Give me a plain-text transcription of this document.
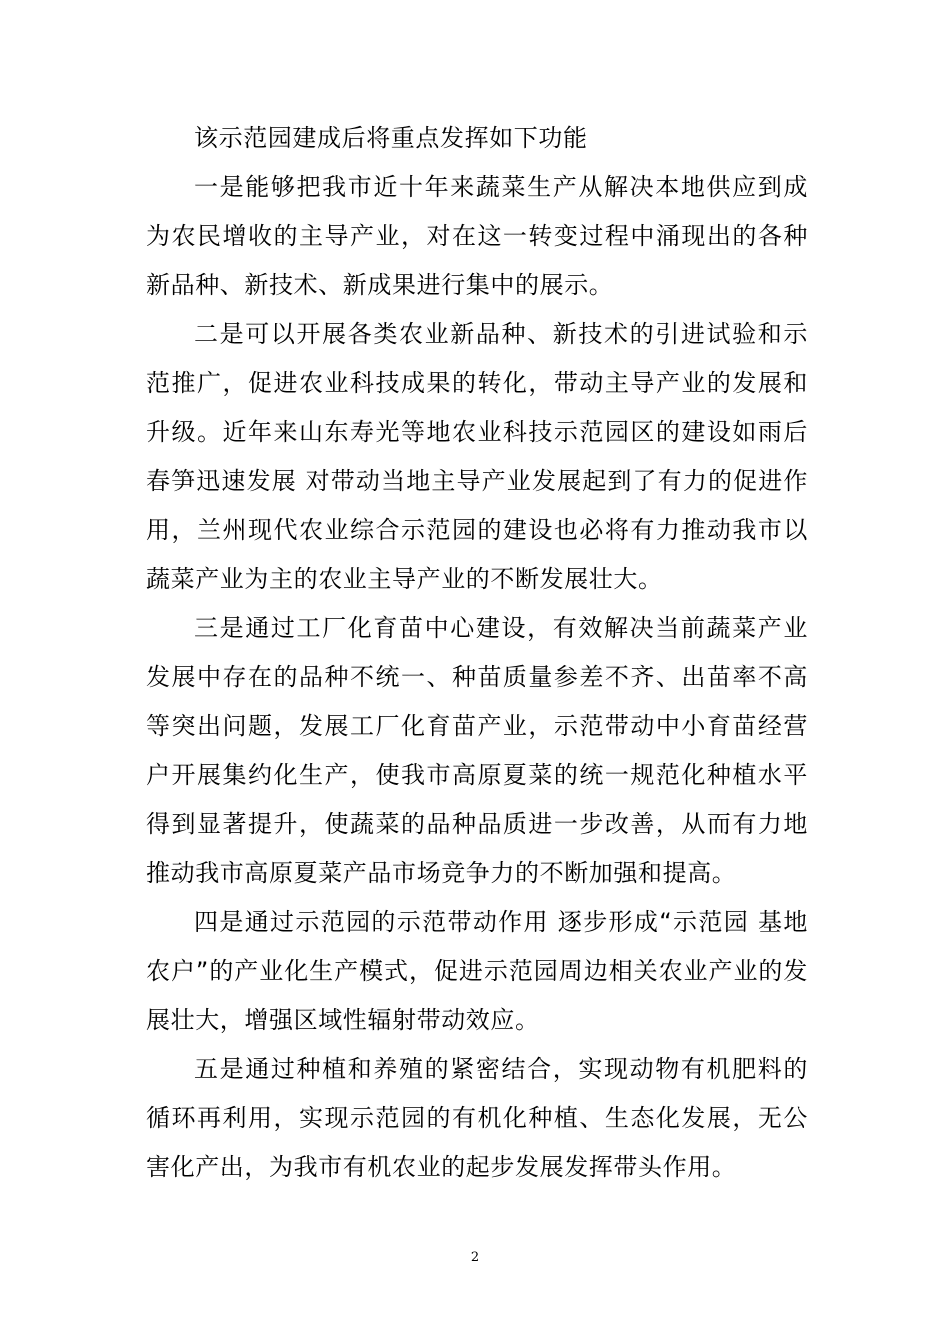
该示范园建成后将重点发挥如下功能

一是能够把我市近十年来蔬菜生产从解决本地供应到成为农民增收的主导产业，对在这一转变过程中涌现出的各种新品种、新技术、新成果进行集中的展示。

二是可以开展各类农业新品种、新技术的引进试验和示范推广，促进农业科技成果的转化，带动主导产业的发展和升级。近年来山东寿光等地农业科技示范园区的建设如雨后春笋迅速发展 对带动当地主导产业发展起到了有力的促进作用，兰州现代农业综合示范园的建设也必将有力推动我市以蔬菜产业为主的农业主导产业的不断发展壮大。

三是通过工厂化育苗中心建设，有效解决当前蔬菜产业发展中存在的品种不统一、种苗质量参差不齐、出苗率不高等突出问题，发展工厂化育苗产业，示范带动中小育苗经营户开展集约化生产，使我市高原夏菜的统一规范化种植水平得到显著提升，使蔬菜的品种品质进一步改善，从而有力地推动我市高原夏菜产品市场竞争力的不断加强和提高。

四是通过示范园的示范带动作用 逐步形成“示范园 基地 农户”的产业化生产模式，促进示范园周边相关农业产业的发展壮大，增强区域性辐射带动效应。

五是通过种植和养殖的紧密结合，实现动物有机肥料的循环再利用，实现示范园的有机化种植、生态化发展，无公害化产出，为我市有机农业的起步发展发挥带头作用。

2
